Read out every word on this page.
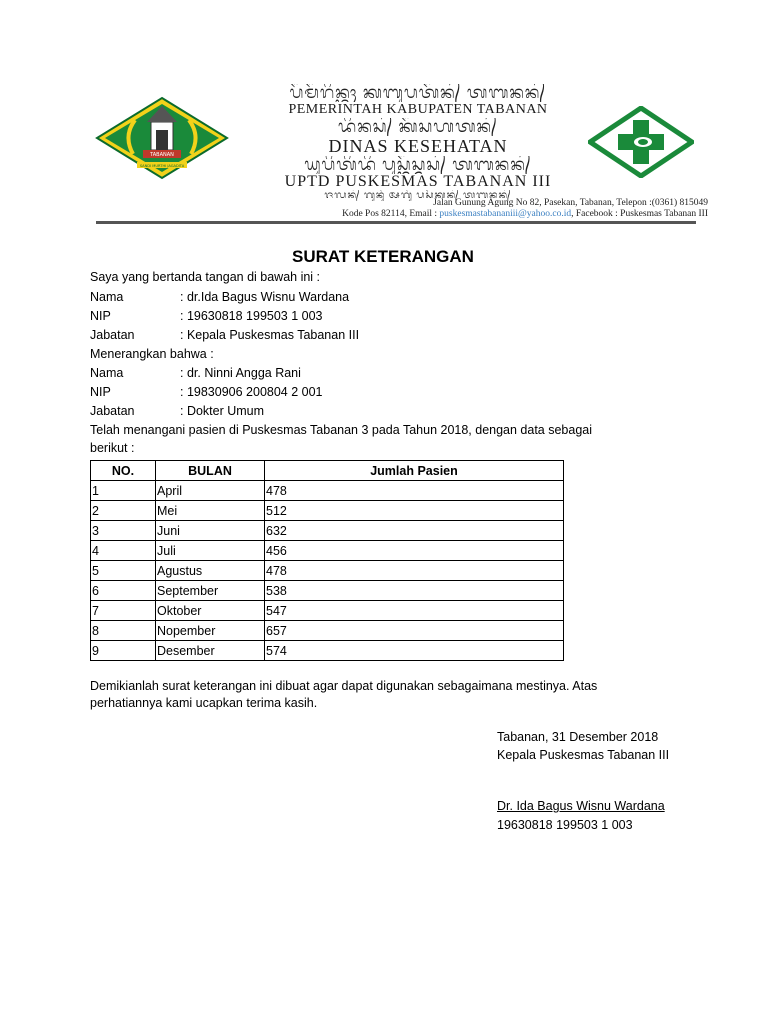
TABANAN
SANDI MURTHI JAGADITA
ᬧᭂᬫᭂᬭᬶᬦ᭄ᬢᬄ ᬓᬩᬸᬧᬢᭂᬦ᭄ ᬢᬩᬦᬦ᭄
PEMERINTAH KABUPATEN TABANAN
ᬤᬶᬦᬲ᭄ ᬓᭂᬲᬳᬢᬦ᭄
DINAS KESEHATAN
ᬬᬸᬧᬶᬢᬶᬤᬶ ᬧᬸᬲ᭄ᬓᭂᬲ᭄ᬫᬲ᭄ ᬢᬩᬦᬦ᭄
UPTD PUSKESMAS TABANAN III
ᬚᬮᬦ᭄ ᬕᬸᬦᬸᬂ ᬅᬕᬸᬂ ᬧᬲᭂᬓᬦ᭄ ᬢᬩᬦᬦ᭄
Jalan Gunung Agung No 82, Pasekan, Tabanan, Telepon :(0361) 815049
Kode Pos 82114, Email : puskesmastabananiii@yahoo.co.id, Facebook : Puskesmas Tabanan III
SURAT KETERANGAN
Saya yang bertanda tangan di bawah ini :
Nama	: dr.Ida Bagus Wisnu Wardana
NIP	: 19630818 199503 1 003
Jabatan	: Kepala Puskesmas Tabanan III
Menerangkan bahwa :
Nama	: dr. Ninni Angga Rani
NIP	: 19830906 200804 2 001
Jabatan	: Dokter Umum
Telah menangani pasien di Puskesmas Tabanan 3 pada Tahun 2018, dengan data sebagai
berikut :
NO.	BULAN	Jumlah Pasien
1	April	478
2	Mei	512
3	Juni	632
4	Juli	456
5	Agustus	478
6	September	538
7	Oktober	547
8	Nopember	657
9	Desember	574
Demikianlah surat keterangan ini dibuat agar dapat digunakan sebagaimana mestinya. Atas
perhatiannya kami ucapkan terima kasih.
Tabanan, 31 Desember 2018
Kepala Puskesmas Tabanan III
Dr. Ida Bagus Wisnu Wardana
19630818 199503 1 003
